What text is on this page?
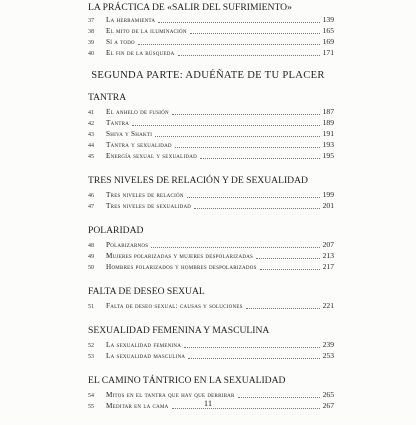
LA PRÁCTICA DE «SALIR DEL SUFRIMIENTO»
37	La herramienta	139
38	El mito de la iluminación	165
39	Sí a todo	169
40	El fin de la búsqueda	171
SEGUNDA PARTE: ADUÉÑATE DE TU PLACER
TANTRA
41	El anhelo de fusión	187
42	Tantra	189
43	Shiva y Shakti	191
44	Tantra y sexualidad	193
45	Energía sexual y sexualidad	195
TRES NIVELES DE RELACIÓN Y DE SEXUALIDAD
46	Tres niveles de relación	199
47	Tres niveles de sexualidad	201
POLARIDAD
48	Polarizarnos	207
49	Mujeres polarizadas y mujeres despolarizadas	213
50	Hombres polarizados y hombres despolarizados	217
FALTA DE DESEO SEXUAL
51	Falta de deseo sexual: causas y soluciones	221
SEXUALIDAD FEMENINA Y MASCULINA
52	La sexualidad femenina	239
53	La sexualidad masculina	253
EL CAMINO TÁNTRICO EN LA SEXUALIDAD
54	Mitos en el tantra que hay que derribar	265
55	Meditar en la cama	267
11
